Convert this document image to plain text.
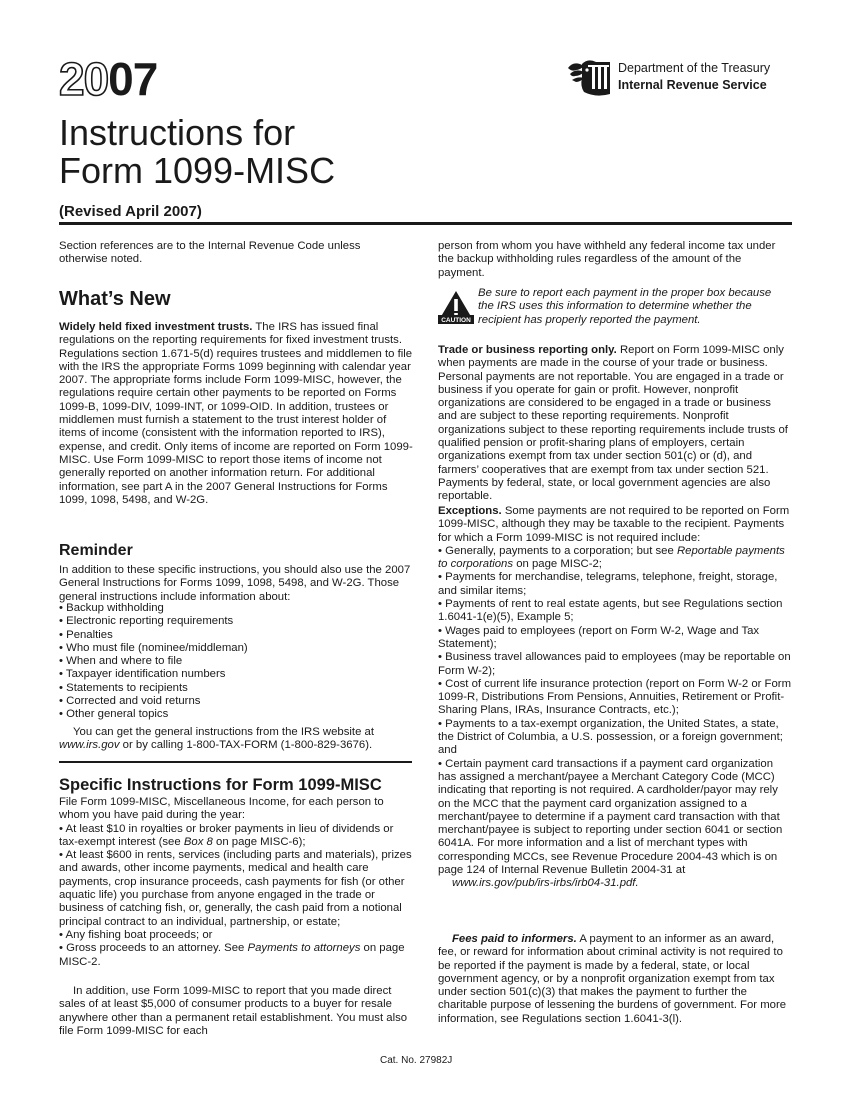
2007	Department of the Treasury
Internal Revenue Service
Instructions for
Form 1099-MISC
(Revised April 2007)
Section references are to the Internal Revenue Code unless otherwise noted.
What’s New
Widely held fixed investment trusts. The IRS has issued final regulations on the reporting requirements for fixed investment trusts. Regulations section 1.671-5(d) requires trustees and middlemen to file with the IRS the appropriate Forms 1099 beginning with calendar year 2007. The appropriate forms include Form 1099-MISC, however, the regulations require certain other payments to be reported on Forms 1099-B, 1099-DIV, 1099-INT, or 1099-OID. In addition, trustees or middlemen must furnish a statement to the trust interest holder of items of income (consistent with the information reported to IRS), expense, and credit. Only items of income are reported on Form 1099-MISC. Use Form 1099-MISC to report those items of income not generally reported on another information return. For additional information, see part A in the 2007 General Instructions for Forms 1099, 1098, 5498, and W-2G.
Reminder
In addition to these specific instructions, you should also use the 2007 General Instructions for Forms 1099, 1098, 5498, and W-2G. Those general instructions include information about:
• Backup withholding
• Electronic reporting requirements
• Penalties
• Who must file (nominee/middleman)
• When and where to file
• Taxpayer identification numbers
• Statements to recipients
• Corrected and void returns
• Other general topics
You can get the general instructions from the IRS website at www.irs.gov or by calling 1-800-TAX-FORM (1-800-829-3676).
Specific Instructions for Form 1099-MISC
File Form 1099-MISC, Miscellaneous Income, for each person to whom you have paid during the year:
• At least $10 in royalties or broker payments in lieu of dividends or tax-exempt interest (see Box 8 on page MISC-6);
• At least $600 in rents, services (including parts and materials), prizes and awards, other income payments, medical and health care payments, crop insurance proceeds, cash payments for fish (or other aquatic life) you purchase from anyone engaged in the trade or business of catching fish, or, generally, the cash paid from a notional principal contract to an individual, partnership, or estate;
• Any fishing boat proceeds; or
• Gross proceeds to an attorney. See Payments to attorneys on page MISC-2.
In addition, use Form 1099-MISC to report that you made direct sales of at least $5,000 of consumer products to a buyer for resale anywhere other than a permanent retail establishment. You must also file Form 1099-MISC for each
person from whom you have withheld any federal income tax under the backup withholding rules regardless of the amount of the payment.
CAUTION
Be sure to report each payment in the proper box because the IRS uses this information to determine whether the recipient has properly reported the payment.
Trade or business reporting only. Report on Form 1099-MISC only when payments are made in the course of your trade or business. Personal payments are not reportable. You are engaged in a trade or business if you operate for gain or profit. However, nonprofit organizations are considered to be engaged in a trade or business and are subject to these reporting requirements. Nonprofit organizations subject to these reporting requirements include trusts of qualified pension or profit-sharing plans of employers, certain organizations exempt from tax under section 501(c) or (d), and farmers’ cooperatives that are exempt from tax under section 521. Payments by federal, state, or local government agencies are also reportable.
Exceptions. Some payments are not required to be reported on Form 1099-MISC, although they may be taxable to the recipient. Payments for which a Form 1099-MISC is not required include:
• Generally, payments to a corporation; but see Reportable payments to corporations on page MISC-2;
• Payments for merchandise, telegrams, telephone, freight, storage, and similar items;
• Payments of rent to real estate agents, but see Regulations section 1.6041-1(e)(5), Example 5;
• Wages paid to employees (report on Form W-2, Wage and Tax Statement);
• Business travel allowances paid to employees (may be reportable on Form W-2);
• Cost of current life insurance protection (report on Form W-2 or Form 1099-R, Distributions From Pensions, Annuities, Retirement or Profit-Sharing Plans, IRAs, Insurance Contracts, etc.);
• Payments to a tax-exempt organization, the United States, a state, the District of Columbia, a U.S. possession, or a foreign government; and
• Certain payment card transactions if a payment card organization has assigned a merchant/payee a Merchant Category Code (MCC) indicating that reporting is not required. A cardholder/payor may rely on the MCC that the payment card organization assigned to a merchant/payee to determine if a payment card transaction with that merchant/payee is subject to reporting under section 6041 or section 6041A. For more information and a list of merchant types with corresponding MCCs, see Revenue Procedure 2004-43 which is on page 124 of Internal Revenue Bulletin 2004-31 at
www.irs.gov/pub/irs-irbs/irb04-31.pdf.
Fees paid to informers. A payment to an informer as an award, fee, or reward for information about criminal activity is not required to be reported if the payment is made by a federal, state, or local government agency, or by a nonprofit organization exempt from tax under section 501(c)(3) that makes the payment to further the charitable purpose of lessening the burdens of government. For more information, see Regulations section 1.6041-3(l).
Cat. No. 27982J
